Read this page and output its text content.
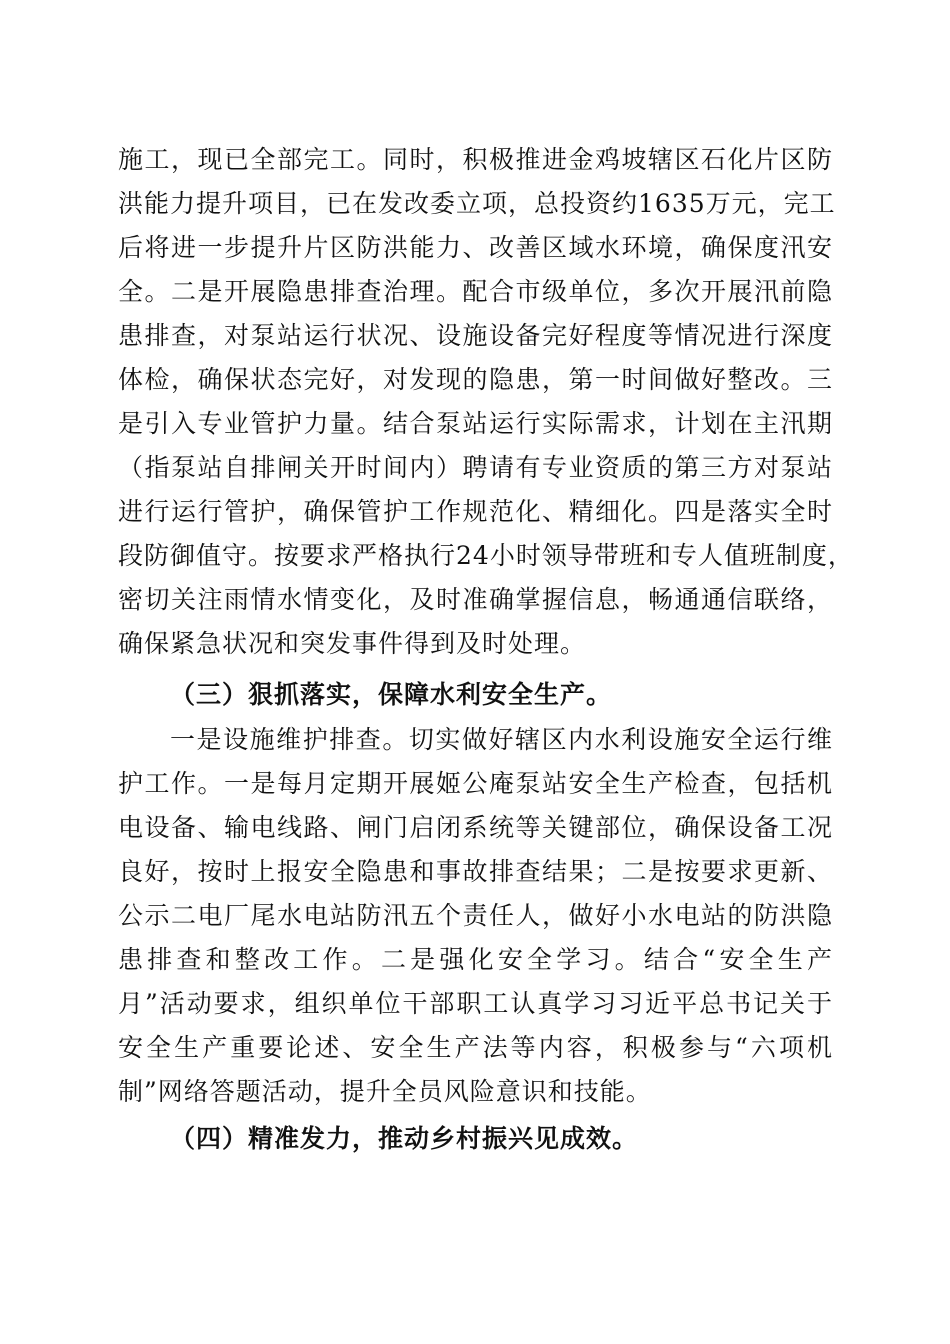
施工，现已全部完工。同时，积极推进金鸡坡辖区石化片区防
洪能力提升项目，已在发改委立项，总投资约1635万元，完工
后将进一步提升片区防洪能力、改善区域水环境，确保度汛安
全。二是开展隐患排查治理。配合市级单位，多次开展汛前隐
患排查，对泵站运行状况、设施设备完好程度等情况进行深度
体检，确保状态完好，对发现的隐患，第一时间做好整改。三
是引入专业管护力量。结合泵站运行实际需求，计划在主汛期
（指泵站自排闸关开时间内）聘请有专业资质的第三方对泵站
进行运行管护，确保管护工作规范化、精细化。四是落实全时
段防御值守。按要求严格执行24小时领导带班和专人值班制度，
密切关注雨情水情变化，及时准确掌握信息，畅通通信联络，
确保紧急状况和突发事件得到及时处理。
（三）狠抓落实，保障水利安全生产。
一是设施维护排查。切实做好辖区内水利设施安全运行维
护工作。一是每月定期开展姬公庵泵站安全生产检查，包括机
电设备、输电线路、闸门启闭系统等关键部位，确保设备工况
良好，按时上报安全隐患和事故排查结果；二是按要求更新、
公示二电厂尾水电站防汛五个责任人，做好小水电站的防洪隐
患排查和整改工作。二是强化安全学习。结合“安全生产
月”活动要求，组织单位干部职工认真学习习近平总书记关于
安全生产重要论述、安全生产法等内容，积极参与“六项机
制”网络答题活动，提升全员风险意识和技能。
（四）精准发力，推动乡村振兴见成效。
